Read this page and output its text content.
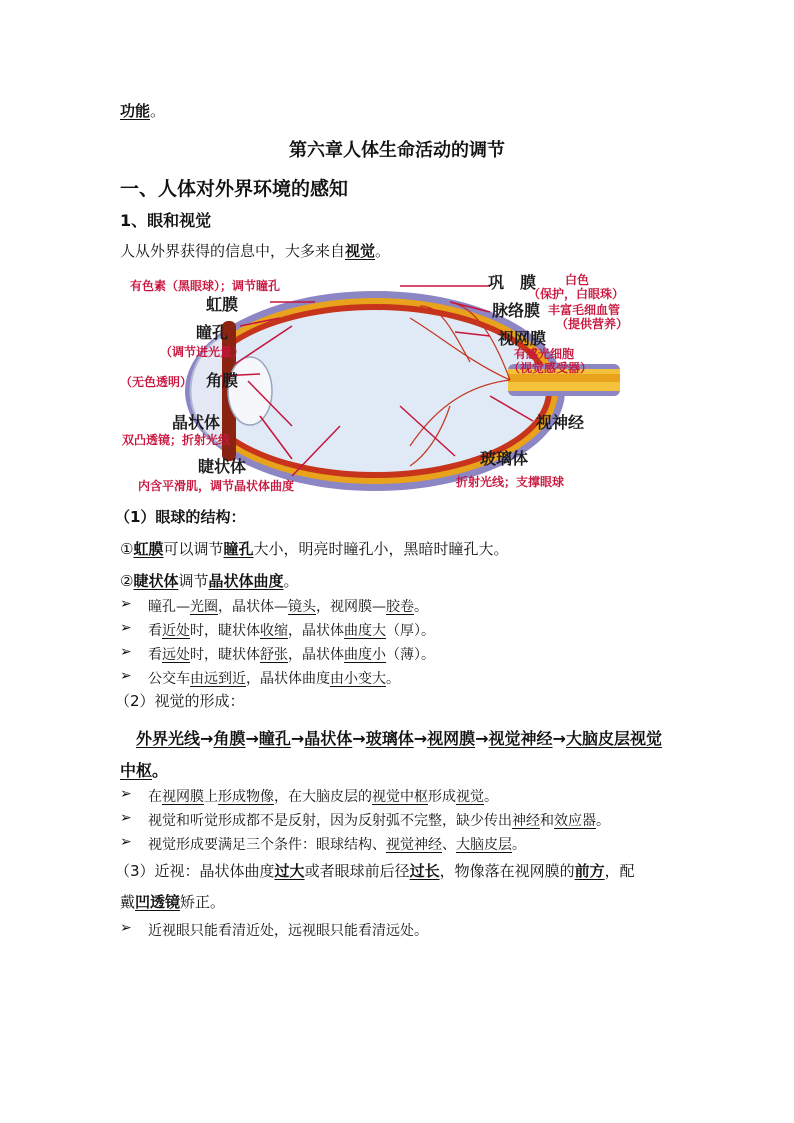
功能。
第六章人体生命活动的调节
一、人体对外界环境的感知
1、眼和视觉
人从外界获得的信息中，大多来自视觉。
有色素（黑眼球）；调节瞳孔
虹膜
瞳孔
（调节进光量）
（无色透明） 角膜
晶状体
双凸透镜；折射光线
睫状体
内含平滑肌，调节晶状体曲度
巩　膜 白色
（保护，白眼珠）
脉络膜 丰富毛细血管
（提供营养）
视网膜
有感光细胞
（视觉感受器）
视神经
玻璃体
折射光线；支撑眼球
（1）眼球的结构：
①虹膜可以调节瞳孔大小，明亮时瞳孔小，黑暗时瞳孔大。
②睫状体调节晶状体曲度。
➢ 瞳孔—光圈，晶状体—镜头，视网膜—胶卷。
➢ 看近处时，睫状体收缩，晶状体曲度大（厚）。
➢ 看远处时，睫状体舒张，晶状体曲度小（薄）。
➢ 公交车由远到近，晶状体曲度由小变大。
（2）视觉的形成：
外界光线→角膜→瞳孔→晶状体→玻璃体→视网膜→视觉神经→大脑皮层视觉
中枢。
➢ 在视网膜上形成物像，在大脑皮层的视觉中枢形成视觉。
➢ 视觉和听觉形成都不是反射，因为反射弧不完整，缺少传出神经和效应器。
➢ 视觉形成要满足三个条件：眼球结构、视觉神经、大脑皮层。
（3）近视：晶状体曲度过大或者眼球前后径过长，物像落在视网膜的前方，配
戴凹透镜矫正。
➢ 近视眼只能看清近处，远视眼只能看清远处。
